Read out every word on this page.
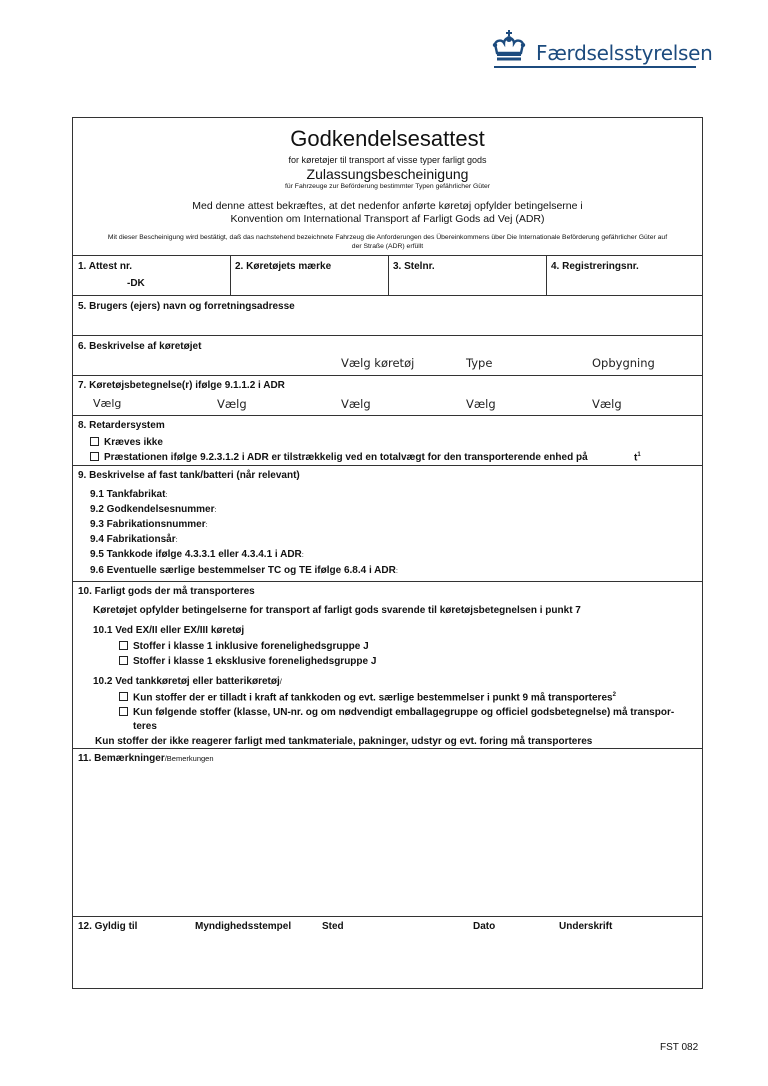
Færdselsstyrelsen
Godkendelsesattest
for køretøjer til transport af visse typer farligt gods
Zulassungsbescheinigung
für Fahrzeuge zur Beförderung bestimmter Typen gefährlicher Güter
Med denne attest bekræftes, at det nedenfor anførte køretøj opfylder betingelserne i Konvention om International Transport af Farligt Gods ad Vej (ADR)
Mit dieser Bescheinigung wird bestätigt, daß das nachstehend bezeichnete Fahrzeug die Anforderungen des Übereinkommens über Die Internationale Beförderung gefährlicher Güter auf der Straße (ADR) erfüllt
1. Attest nr.
-DK
2. Køretøjets mærke	3. Stelnr.	4. Registreringsnr.
5. Brugers (ejers) navn og forretningsadresse
6. Beskrivelse af køretøjet
Vælg køretøj	Type	Opbygning
7. Køretøjsbetegnelse(r) ifølge 9.1.1.2 i ADR
Vælg	Vælg	Vælg	Vælg	Vælg
8. Retardersystem
Kræves ikke
Præstationen ifølge 9.2.3.1.2 i ADR er tilstrækkelig ved en totalvægt for den transporterende enhed på	$t^1$
9. Beskrivelse af fast tank/batteri (når relevant)
9.1 Tankfabrikat:
9.2 Godkendelsesnummer:
9.3 Fabrikationsnummer:
9.4 Fabrikationsår:
9.5 Tankkode ifølge 4.3.3.1 eller 4.3.4.1 i ADR:
9.6 Eventuelle særlige bestemmelser TC og TE ifølge 6.8.4 i ADR:
10. Farligt gods der må transporteres
Køretøjet opfylder betingelserne for transport af farligt gods svarende til køretøjsbetegnelsen i punkt 7
10.1 Ved EX/II eller EX/III køretøj
Stoffer i klasse 1 inklusive forenelighedsgruppe J
Stoffer i klasse 1 eksklusive forenelighedsgruppe J
10.2 Ved tankkøretøj eller batterikøretøj/
Kun stoffer der er tilladt i kraft af tankkoden og evt. særlige bestemmelser i punkt 9 må transporteres$^2$
Kun følgende stoffer (klasse, UN-nr. og om nødvendigt emballagegruppe og officiel godsbetegnelse) må transpor-
teres
Kun stoffer der ikke reagerer farligt med tankmateriale, pakninger, udstyr og evt. foring må transporteres
11. Bemærkninger/Bemerkungen
12. Gyldig til	Myndighedsstempel	Sted	Dato	Underskrift
FST 082
